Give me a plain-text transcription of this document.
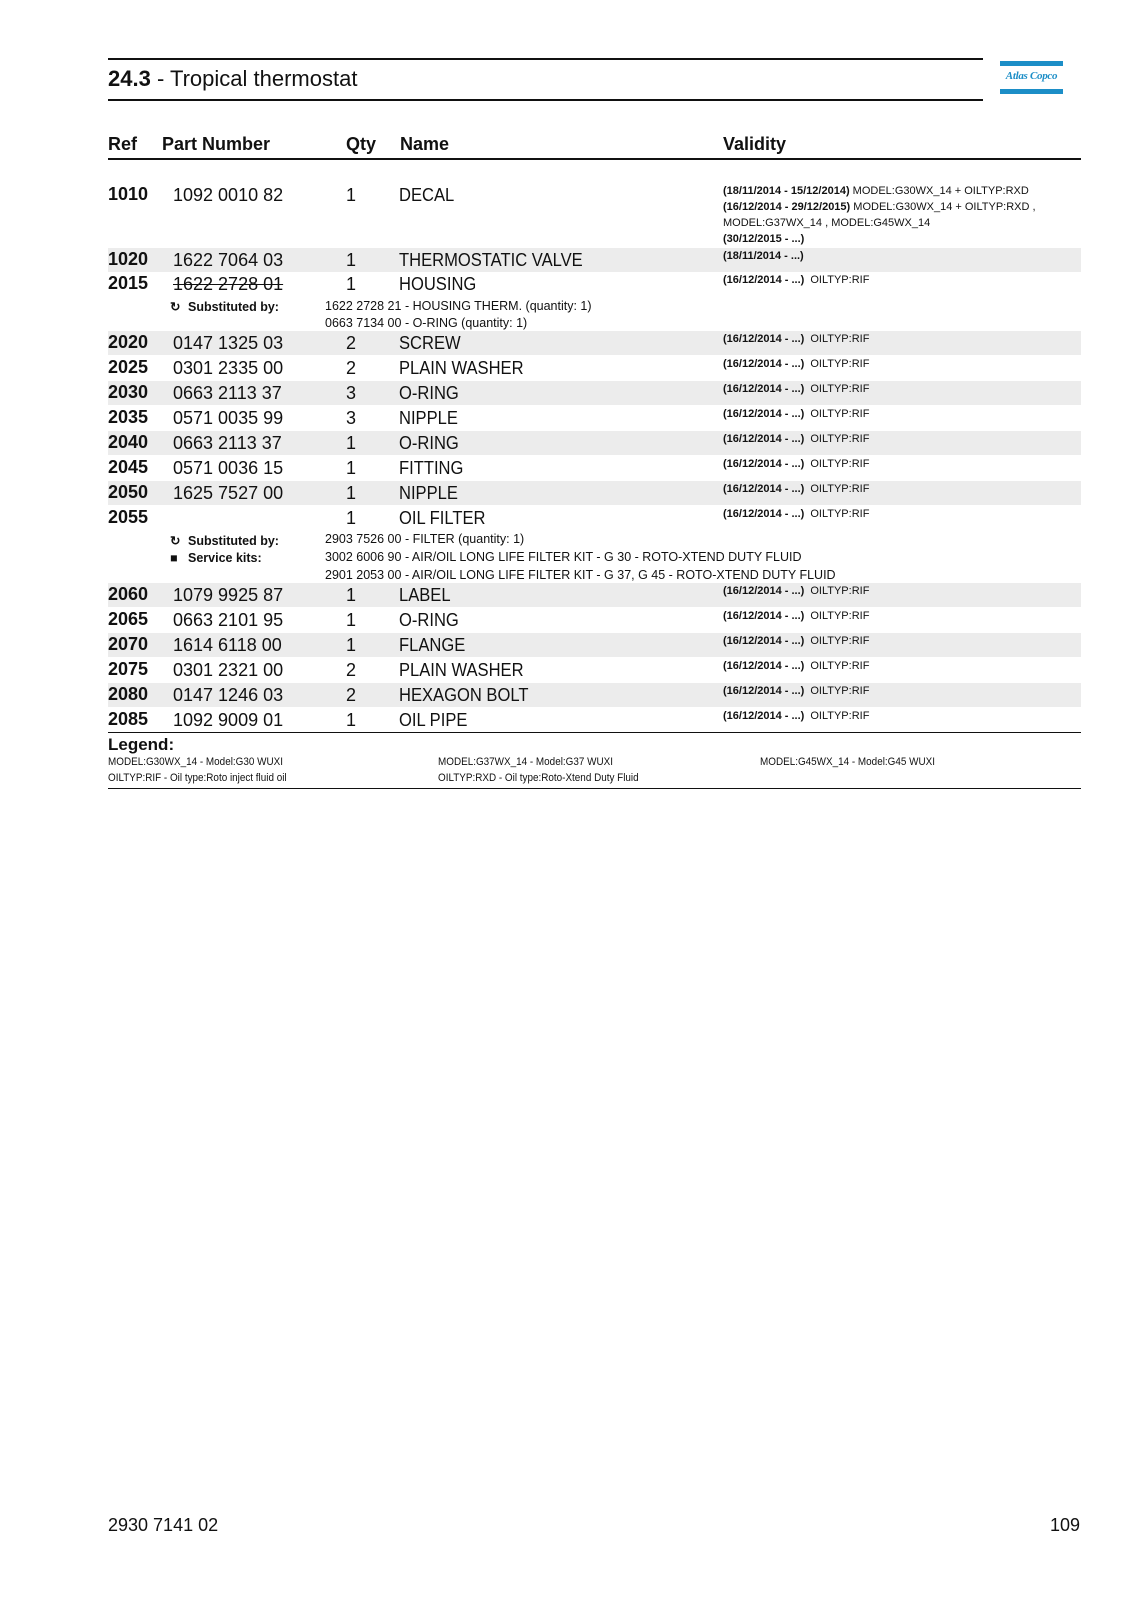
24.3 - Tropical thermostat	Atlas Copco
Ref Part Number	Qty Name	Validity
1010 1092 0010 82	1 DECAL	(18/11/2014 - 15/12/2014) MODEL:G30WX_14 + OILTYP:RXD
(16/12/2014 - 29/12/2015) MODEL:G30WX_14 + OILTYP:RXD ,
MODEL:G37WX_14 , MODEL:G45WX_14
(30/12/2015 - ...)
1020 1622 7064 03	1 THERMOSTATIC VALVE	(18/11/2014 - ...)
2015 1622 2728 01	1 HOUSING	(16/12/2014 - ...) OILTYP:RIF
↻ Substituted by:	1622 2728 21 - HOUSING THERM. (quantity: 1)
0663 7134 00 - O-RING (quantity: 1)
2020 0147 1325 03	2 SCREW	(16/12/2014 - ...) OILTYP:RIF
2025 0301 2335 00	2 PLAIN WASHER	(16/12/2014 - ...) OILTYP:RIF
2030 0663 2113 37	3 O-RING	(16/12/2014 - ...) OILTYP:RIF
2035 0571 0035 99	3 NIPPLE	(16/12/2014 - ...) OILTYP:RIF
2040 0663 2113 37	1 O-RING	(16/12/2014 - ...) OILTYP:RIF
2045 0571 0036 15	1 FITTING	(16/12/2014 - ...) OILTYP:RIF
2050 1625 7527 00	1 NIPPLE	(16/12/2014 - ...) OILTYP:RIF
2055	1 OIL FILTER	(16/12/2014 - ...) OILTYP:RIF
↻ Substituted by:	2903 7526 00 - FILTER (quantity: 1)
■ Service kits:	3002 6006 90 - AIR/OIL LONG LIFE FILTER KIT - G 30 - ROTO-XTEND DUTY FLUID
2901 2053 00 - AIR/OIL LONG LIFE FILTER KIT - G 37, G 45 - ROTO-XTEND DUTY FLUID
2060 1079 9925 87	1 LABEL	(16/12/2014 - ...) OILTYP:RIF
2065 0663 2101 95	1 O-RING	(16/12/2014 - ...) OILTYP:RIF
2070 1614 6118 00	1 FLANGE	(16/12/2014 - ...) OILTYP:RIF
2075 0301 2321 00	2 PLAIN WASHER	(16/12/2014 - ...) OILTYP:RIF
2080 0147 1246 03	2 HEXAGON BOLT	(16/12/2014 - ...) OILTYP:RIF
2085 1092 9009 01	1 OIL PIPE	(16/12/2014 - ...) OILTYP:RIF
Legend:
MODEL:G30WX_14 - Model:G30 WUXI	MODEL:G37WX_14 - Model:G37 WUXI	MODEL:G45WX_14 - Model:G45 WUXI
OILTYP:RIF - Oil type:Roto inject fluid oil	OILTYP:RXD - Oil type:Roto-Xtend Duty Fluid
2930 7141 02	109
